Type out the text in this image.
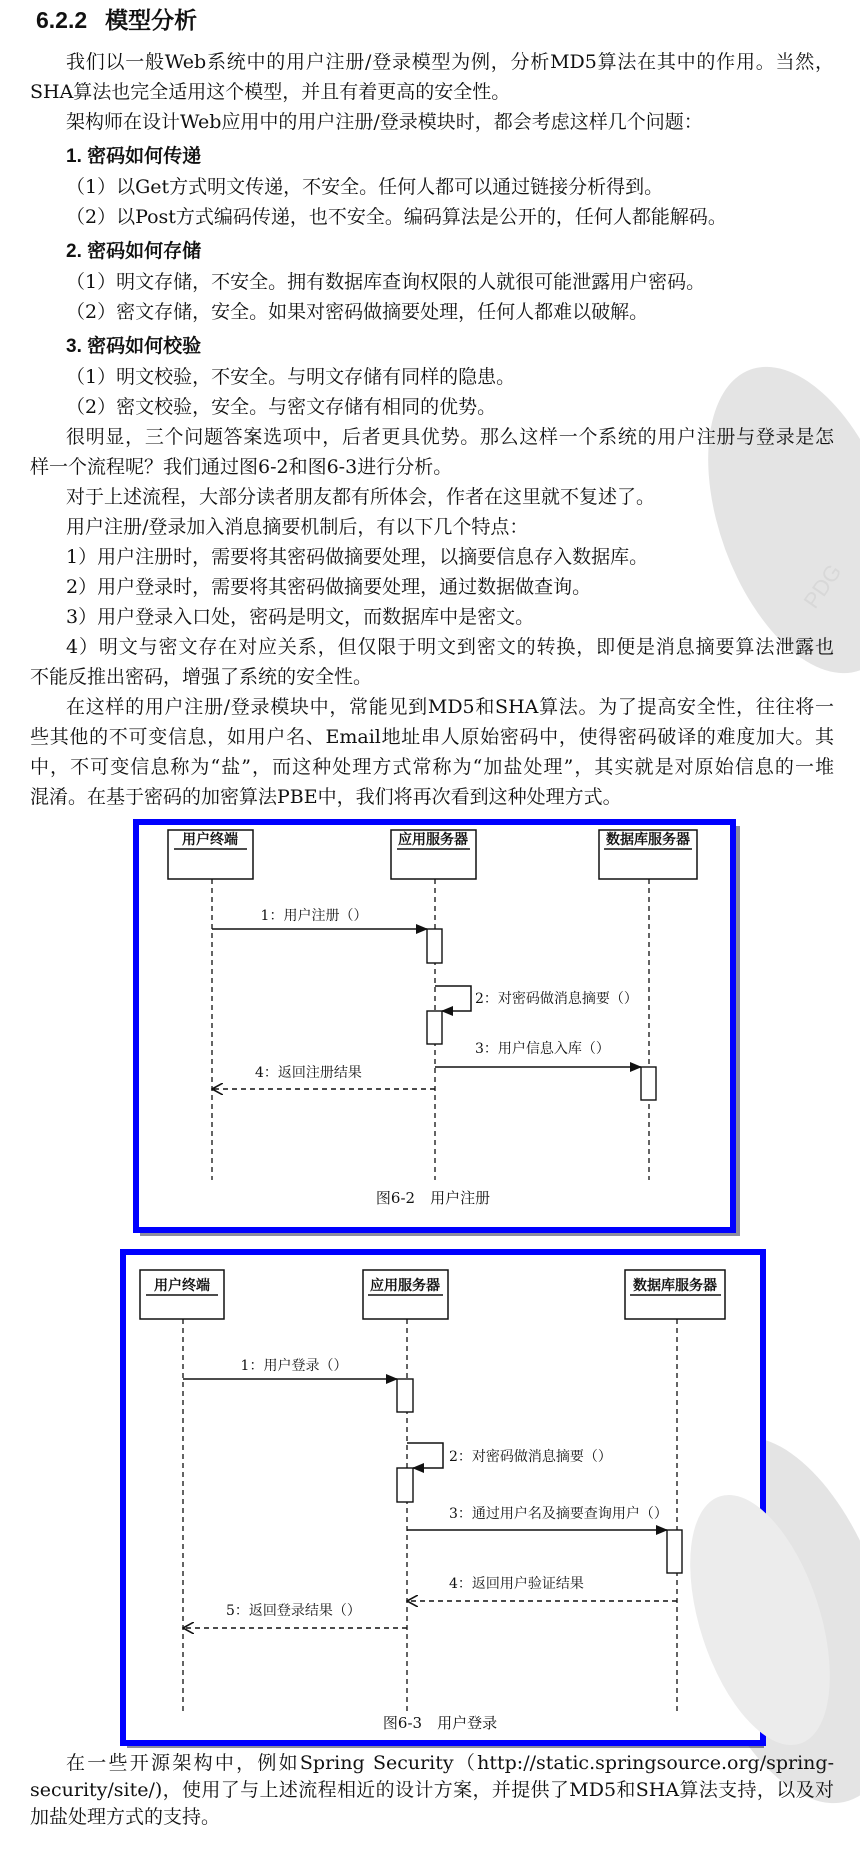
6.2.2 模型分析
我们以一般Web系统中的用户注册/登录模型为例，分析MD5算法在其中的作用。当然，
SHA算法也完全适用这个模型，并且有着更高的安全性。
架构师在设计Web应用中的用户注册/登录模块时，都会考虑这样几个问题：
1. 密码如何传递
（1）以Get方式明文传递，不安全。任何人都可以通过链接分析得到。
（2）以Post方式编码传递，也不安全。编码算法是公开的，任何人都能解码。
2. 密码如何存储
（1）明文存储，不安全。拥有数据库查询权限的人就很可能泄露用户密码。
（2）密文存储，安全。如果对密码做摘要处理，任何人都难以破解。
3. 密码如何校验
（1）明文校验，不安全。与明文存储有同样的隐患。
（2）密文校验，安全。与密文存储有相同的优势。
很明显，三个问题答案选项中，后者更具优势。那么这样一个系统的用户注册与登录是怎
样一个流程呢？我们通过图6-2和图6-3进行分析。
对于上述流程，大部分读者朋友都有所体会，作者在这里就不复述了。
用户注册/登录加入消息摘要机制后，有以下几个特点：
1）用户注册时，需要将其密码做摘要处理，以摘要信息存入数据库。
2）用户登录时，需要将其密码做摘要处理，通过数据做查询。
3）用户登录入口处，密码是明文，而数据库中是密文。
4）明文与密文存在对应关系，但仅限于明文到密文的转换，即便是消息摘要算法泄露也
不能反推出密码，增强了系统的安全性。
在这样的用户注册/登录模块中，常能见到MD5和SHA算法。为了提高安全性，往往将一
些其他的不可变信息，如用户名、Email地址串人原始密码中，使得密码破译的难度加大。其
中，不可变信息称为“盐”，而这种处理方式常称为“加盐处理”，其实就是对原始信息的一堆
混淆。在基于密码的加密算法PBE中，我们将再次看到这种处理方式。
PDG
用户终端	应用服务器	数据库服务器
1：用户注册（）
2：对密码做消息摘要（）
3：用户信息入库（）
4：返回注册结果
图6-2　用户注册
用户终端	应用服务器	数据库服务器
1：用户登录（）
2：对密码做消息摘要（）
3：通过用户名及摘要查询用户（）
4：返回用户验证结果
5：返回登录结果（）
图6-3　用户登录
在一些开源架构中，例如Spring Security（http://static.springsource.org/spring-
security/site/)，使用了与上述流程相近的设计方案，并提供了MD5和SHA算法支持，以及对
加盐处理方式的支持。
